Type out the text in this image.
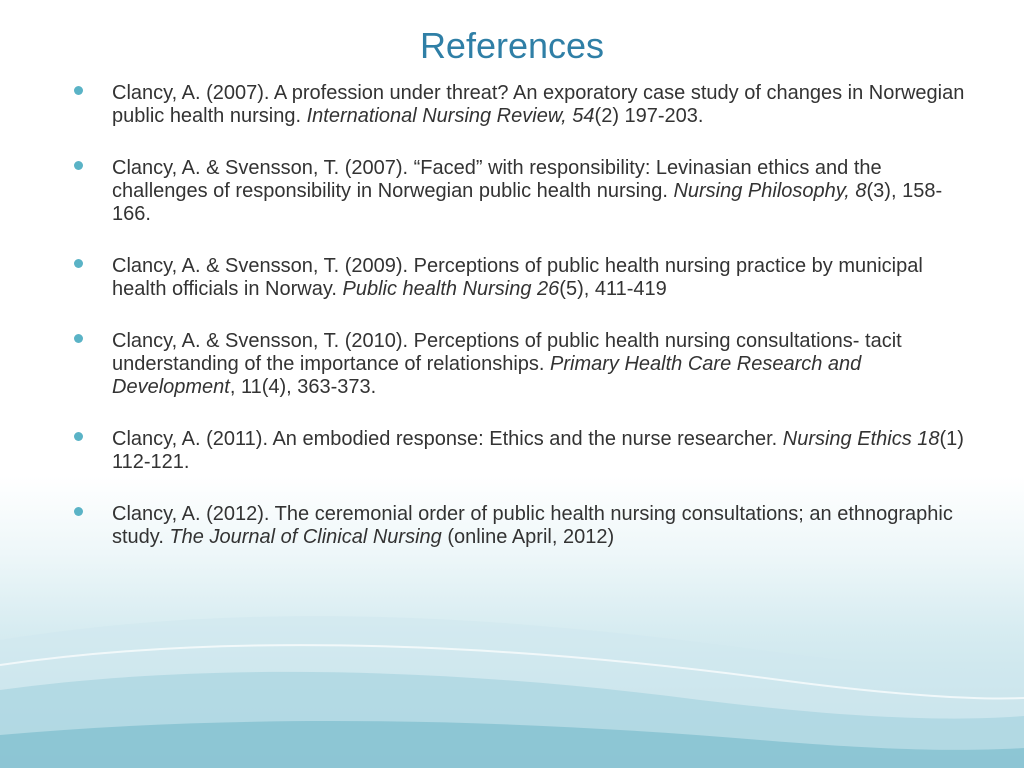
References
Clancy, A. (2007). A profession under threat? An exporatory case study of changes in Norwegian public health nursing. International Nursing Review, 54(2) 197-203.
Clancy, A. & Svensson, T. (2007). “Faced” with responsibility: Levinasian ethics and the challenges of responsibility in Norwegian public health nursing. Nursing Philosophy, 8(3), 158-166.
Clancy, A. & Svensson, T. (2009). Perceptions of public health nursing practice by municipal health officials in Norway. Public health Nursing 26(5), 411-419
Clancy, A. & Svensson, T. (2010). Perceptions of public health nursing consultations- tacit understanding of the importance of relationships. Primary Health Care Research and Development, 11(4), 363-373.
Clancy, A. (2011). An embodied response: Ethics and the nurse researcher. Nursing Ethics 18(1) 112-121.
Clancy, A. (2012). The ceremonial order of public health nursing consultations; an ethnographic study. The Journal of Clinical Nursing (online April, 2012)
